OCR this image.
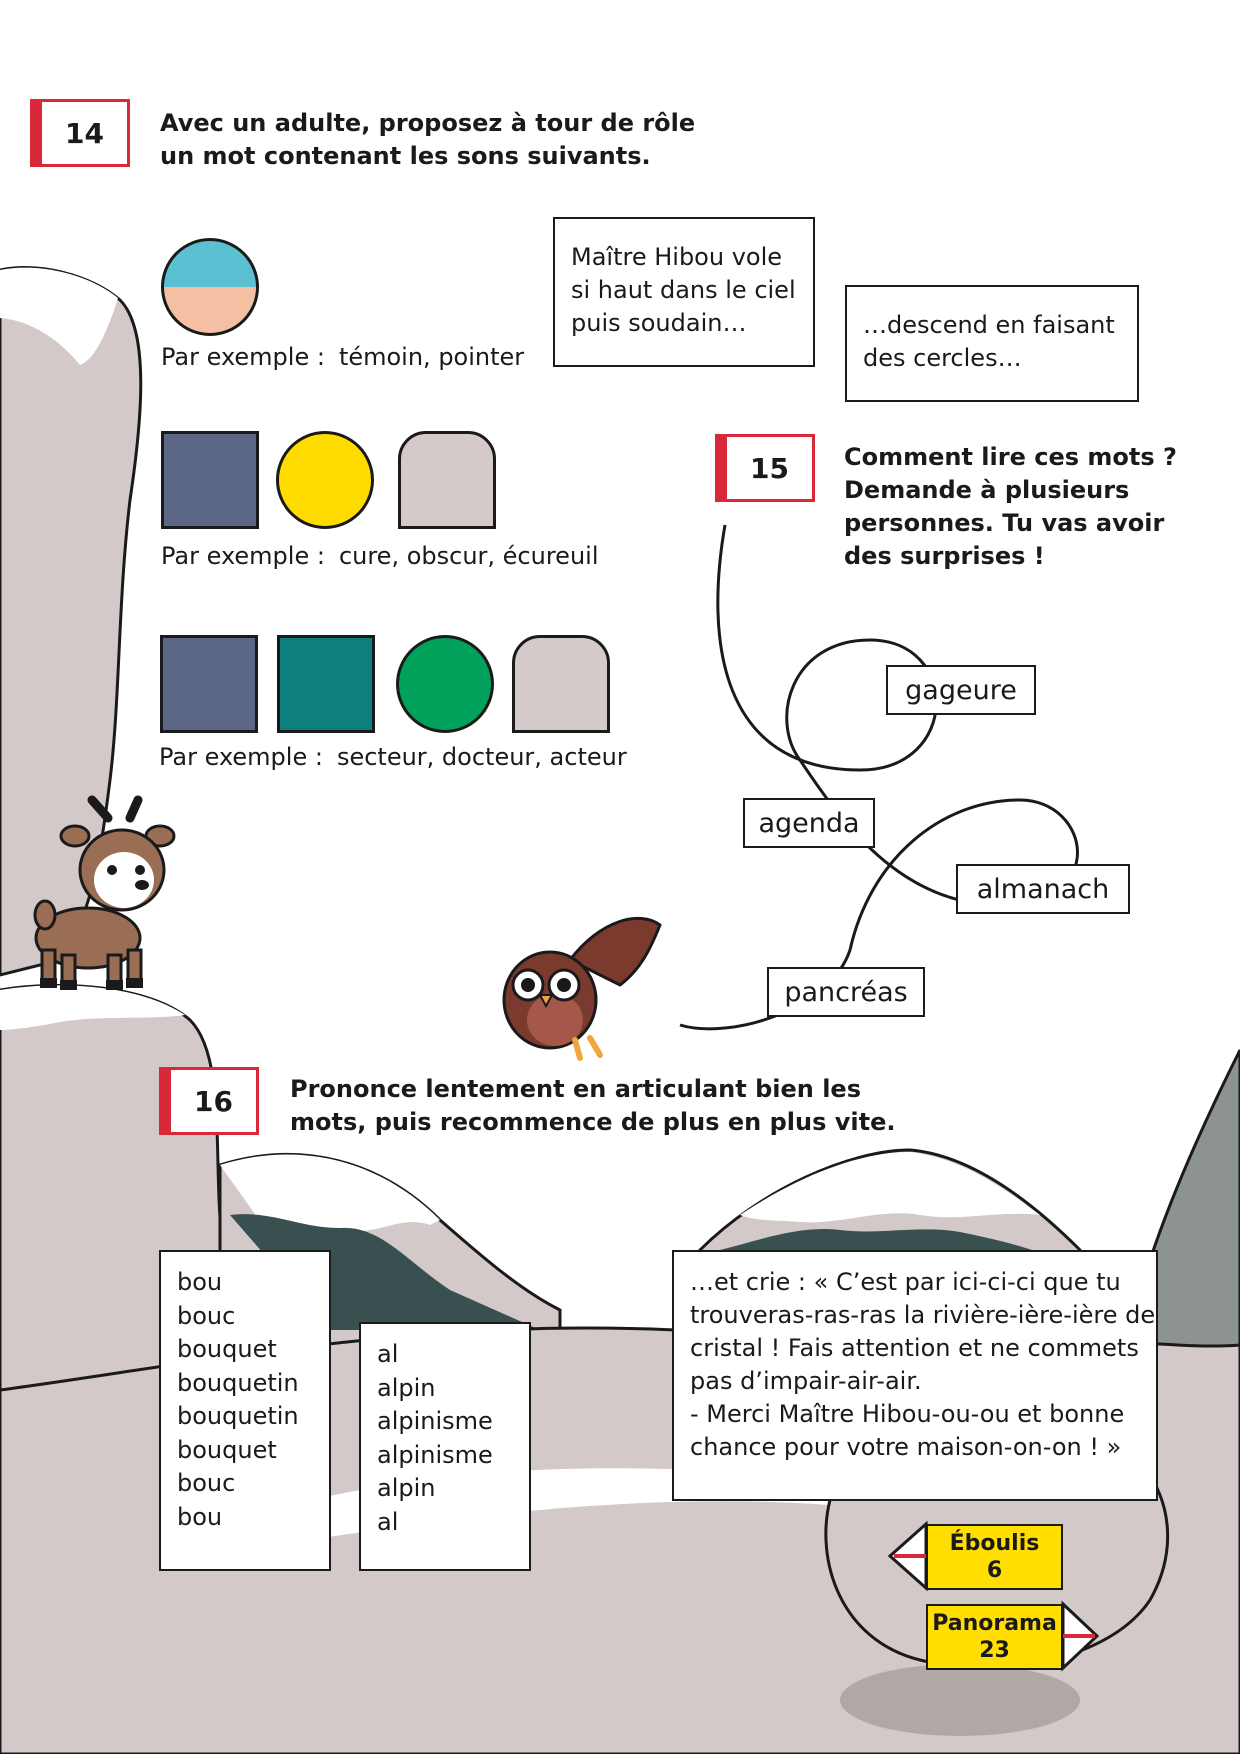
14 Avec un adulte, proposez à tour de rôle
un mot contenant les sons suivants.
Par exemple : témoin, pointer
Par exemple : cure, obscur, écureuil
Par exemple : secteur, docteur, acteur
Maître Hibou vole
si haut dans le ciel
puis soudain…	…descend en faisant
des cercles…
15 Comment lire ces mots ?
Demande à plusieurs
personnes. Tu vas avoir
des surprises !
gageure
agenda
almanach
pancréas
16 Prononce lentement en articulant bien les
mots, puis recommence de plus en plus vite.
bou
bouc
bouquet
bouquetin
bouquetin
bouquet
bouc
bou
al
alpin
alpinisme
alpinisme
alpin
al
…et crie : « C’est par ici-ci-ci que tu
trouveras-ras-ras la rivière-ière-ière de
cristal ! Fais attention et ne commets
pas d’impair-air-air.
- Merci Maître Hibou-ou-ou et bonne
chance pour votre maison-on-on ! »
Éboulis
6
Panorama
23
